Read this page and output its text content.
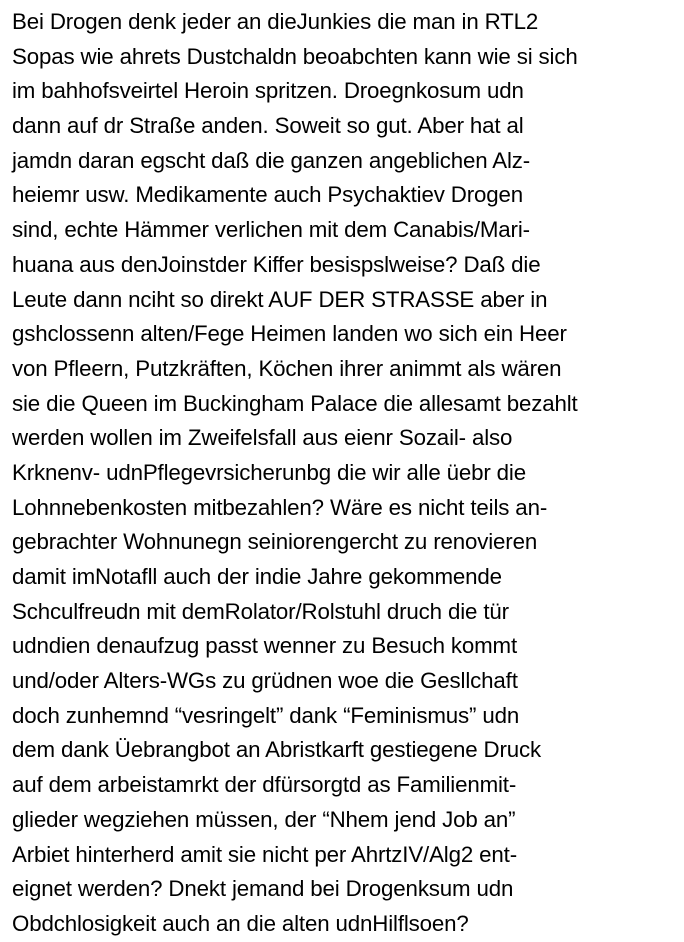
Bei Drogen denk jeder an dieJunkies die man in RTL2
Sopas wie ahrets Dustchaldn beoabchten kann wie si sich
im bahhofsveirtel Heroin spritzen. Droegnkosum udn
dann auf dr Straße anden. Soweit so gut. Aber hat al
jamdn daran egscht daß die ganzen angeblichen Alz-
heiemr usw. Medikamente auch Psychaktiev Drogen
sind, echte Hämmer verlichen mit dem Canabis/Mari-
huana aus denJoinstder Kiffer besispslweise? Daß die
Leute dann nciht so direkt AUF DER STRASSE aber in
gshclossenn alten/Fege Heimen landen wo sich ein Heer
von Pfleern, Putzkräften, Köchen ihrer animmt als wären
sie die Queen im Buckingham Palace die allesamt bezahlt
werden wollen im Zweifelsfall aus eienr Sozail- also
Krknenv- udnPflegevrsicherunbg die wir alle üebr die
Lohnnebenkosten mitbezahlen? Wäre es nicht teils an-
gebrachter Wohnunegn seiniorengercht zu renovieren
damit imNotafll auch der indie Jahre gekommende
Schculfreudn mit demRolator/Rolstuhl druch die tür
udndien denaufzug passt wenner zu Besuch kommt
und/oder Alters-WGs zu grüdnen woe die Gesllchaft
doch zunhemnd “vesringelt” dank “Feminismus” udn
dem dank Üebrangbot an Abristkarft gestiegene Druck
auf dem arbeistamrkt der dfürsorgtd as Familienmit-
glieder wegziehen müssen, der “Nhem jend Job an”
Arbiet hinterherd amit sie nicht per AhrtzIV/Alg2 ent-
eignet werden? Dnekt jemand bei Drogenksum udn
Obdchlosigkeit auch an die alten udnHilflsoen?
